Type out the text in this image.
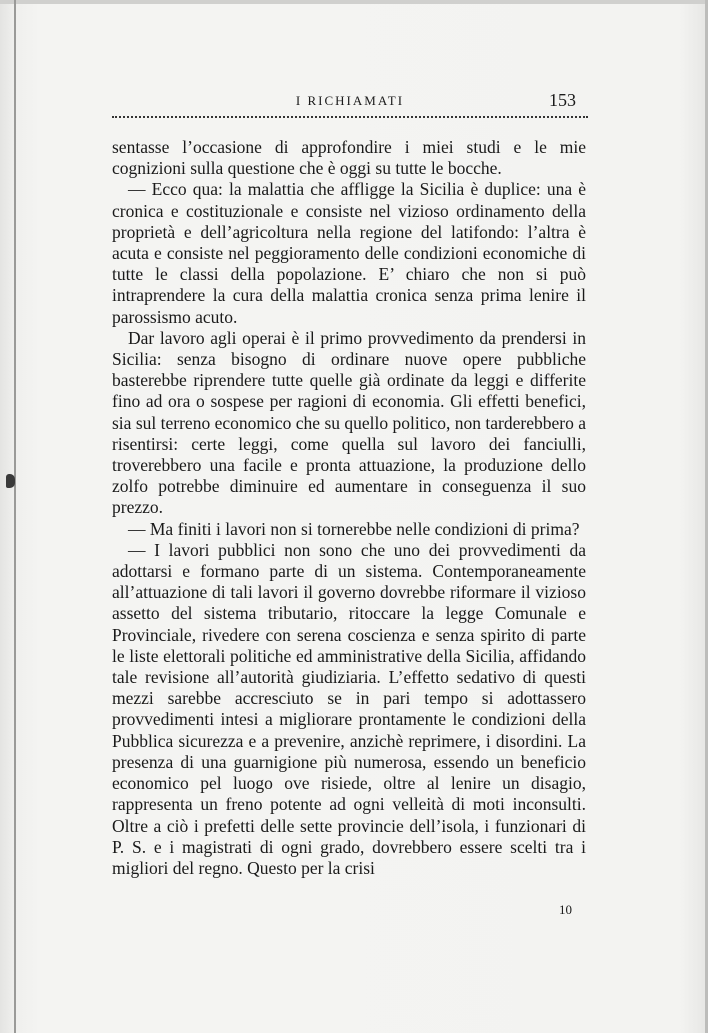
I RICHIAMATI	153

sentasse l’occasione di approfondire i miei studi e le mie cognizioni sulla questione che è oggi su tutte le bocche.

— Ecco qua: la malattia che affligge la Sicilia è duplice: una è cronica e costituzionale e consiste nel vizioso ordinamento della proprietà e dell’agricoltura nella regione del latifondo: l’altra è acuta e consiste nel peggioramento delle condizioni economiche di tutte le classi della popolazione. E’ chiaro che non si può intraprendere la cura della malattia cronica senza prima lenire il parossismo acuto.

Dar lavoro agli operai è il primo provvedimento da prendersi in Sicilia: senza bisogno di ordinare nuove opere pubbliche basterebbe riprendere tutte quelle già ordinate da leggi e differite fino ad ora o sospese per ragioni di economia. Gli effetti benefici, sia sul terreno economico che su quello politico, non tarderebbero a risentirsi: certe leggi, come quella sul lavoro dei fanciulli, troverebbero una facile e pronta attuazione, la produzione dello zolfo potrebbe diminuire ed aumentare in conseguenza il suo prezzo.

— Ma finiti i lavori non si tornerebbe nelle condizioni di prima?

— I lavori pubblici non sono che uno dei provvedimenti da adottarsi e formano parte di un sistema. Contemporaneamente all’attuazione di tali lavori il governo dovrebbe riformare il vizioso assetto del sistema tributario, ritoccare la legge Comunale e Provinciale, rivedere con serena coscienza e senza spirito di parte le liste elettorali politiche ed amministrative della Sicilia, affidando tale revisione all’autorità giudiziaria. L’effetto sedativo di questi mezzi sarebbe accresciuto se in pari tempo si adottassero provvedimenti intesi a migliorare prontamente le condizioni della Pubblica sicurezza e a prevenire, anzichè reprimere, i disordini. La presenza di una guarnigione più numerosa, essendo un beneficio economico pel luogo ove risiede, oltre al lenire un disagio, rappresenta un freno potente ad ogni velleità di moti inconsulti. Oltre a ciò i prefetti delle sette provincie dell’isola, i funzionari di P. S. e i magistrati di ogni grado, dovrebbero essere scelti tra i migliori del regno. Questo per la crisi

10
